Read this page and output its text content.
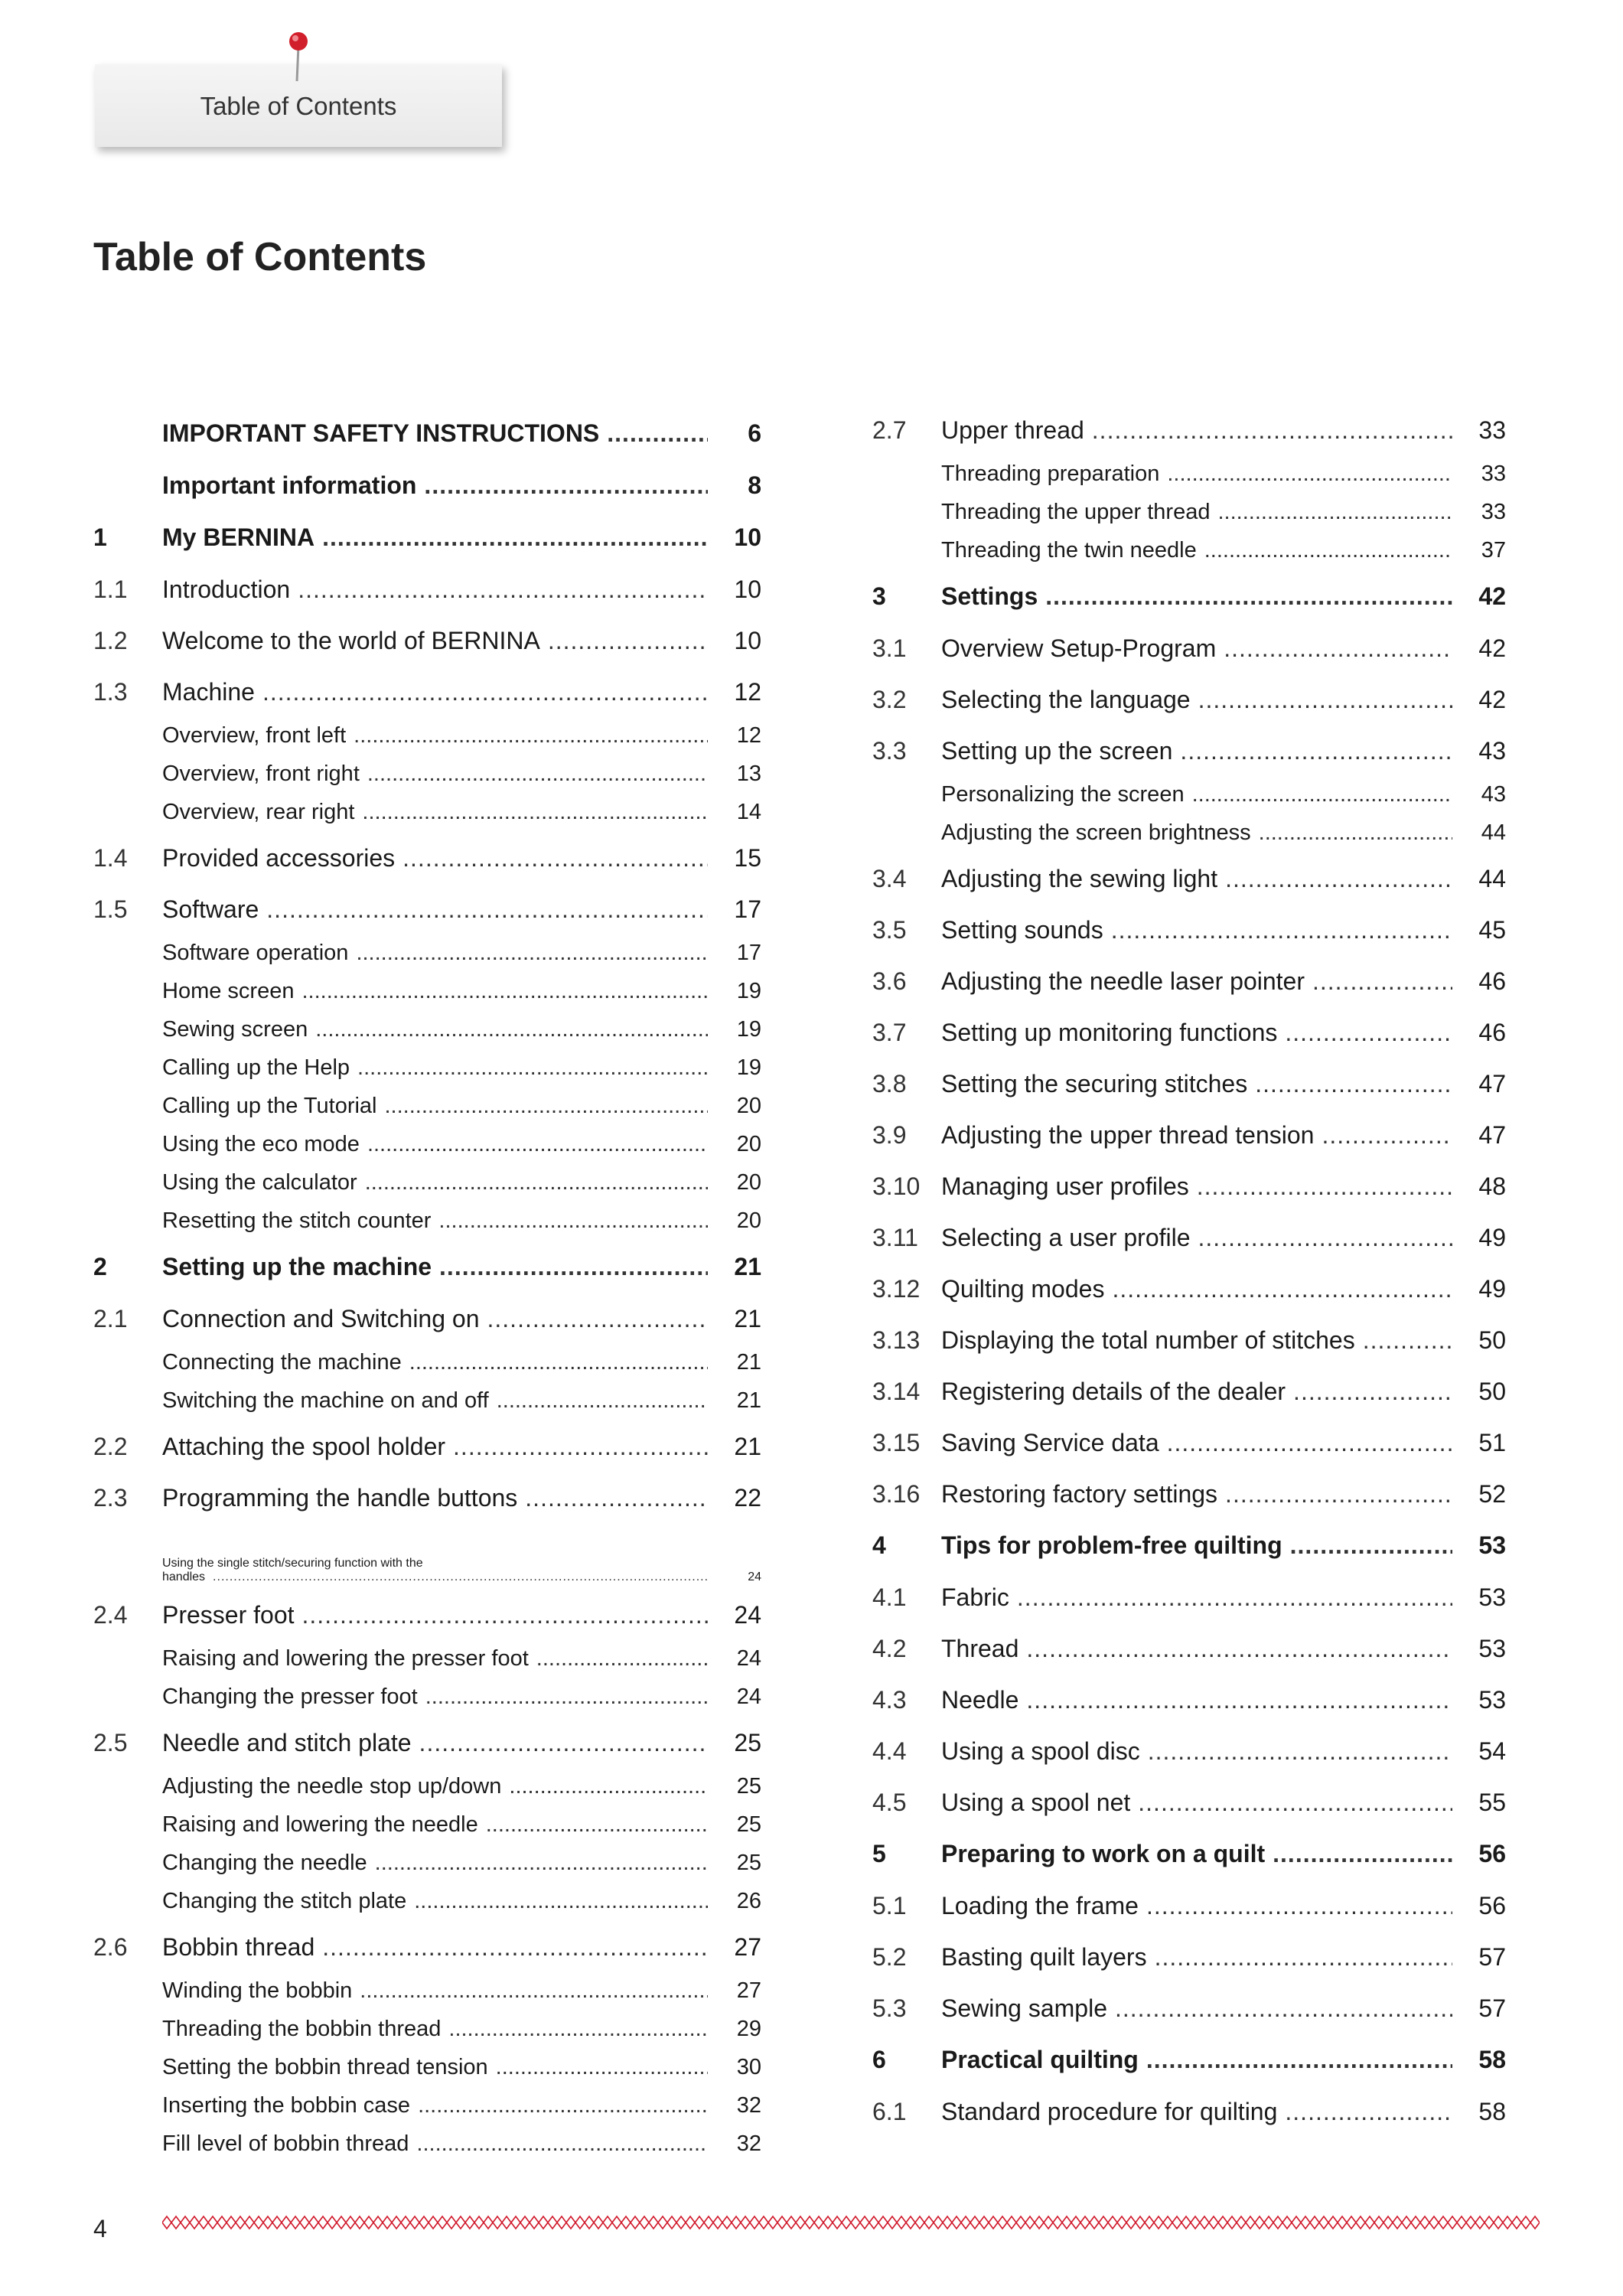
Table of Contents
Table of Contents
IMPORTANT SAFETY INSTRUCTIONS .....	6
Important information .....	8
1	My BERNINA .....	10
1.1	Introduction .....	10
1.2	Welcome to the world of BERNINA .....	10
1.3	Machine .....	12
Overview, front left .....	12
Overview, front right .....	13
Overview, rear right .....	14
1.4	Provided accessories .....	15
1.5	Software .....	17
Software operation .....	17
Home screen .....	19
Sewing screen .....	19
Calling up the Help .....	19
Calling up the Tutorial .....	20
Using the eco mode .....	20
Using the calculator .....	20
Resetting the stitch counter .....	20
2	Setting up the machine .....	21
2.1	Connection and Switching on .....	21
Connecting the machine .....	21
Switching the machine on and off .....	21
2.2	Attaching the spool holder .....	21
2.3	Programming the handle buttons .....	22
Using the single stitch/securing function with the
handles .....	24
2.4	Presser foot .....	24
Raising and lowering the presser foot .....	24
Changing the presser foot .....	24
2.5	Needle and stitch plate .....	25
Adjusting the needle stop up/down .....	25
Raising and lowering the needle .....	25
Changing the needle .....	25
Changing the stitch plate .....	26
2.6	Bobbin thread .....	27
Winding the bobbin .....	27
Threading the bobbin thread .....	29
Setting the bobbin thread tension .....	30
Inserting the bobbin case .....	32
Fill level of bobbin thread .....	32
2.7	Upper thread .....	33
Threading preparation .....	33
Threading the upper thread .....	33
Threading the twin needle .....	37
3	Settings .....	42
3.1	Overview Setup-Program .....	42
3.2	Selecting the language .....	42
3.3	Setting up the screen .....	43
Personalizing the screen .....	43
Adjusting the screen brightness .....	44
3.4	Adjusting the sewing light .....	44
3.5	Setting sounds .....	45
3.6	Adjusting the needle laser pointer .....	46
3.7	Setting up monitoring functions .....	46
3.8	Setting the securing stitches .....	47
3.9	Adjusting the upper thread tension .....	47
3.10 Managing user profiles .....	48
3.11 Selecting a user profile .....	49
3.12 Quilting modes .....	49
3.13 Displaying the total number of stitches .....	50
3.14 Registering details of the dealer .....	50
3.15 Saving Service data .....	51
3.16 Restoring factory settings .....	52
4	Tips for problem-free quilting .....	53
4.1	Fabric .....	53
4.2	Thread .....	53
4.3	Needle .....	53
4.4	Using a spool disc .....	54
4.5	Using a spool net .....	55
5	Preparing to work on a quilt .....	56
5.1	Loading the frame .....	56
5.2	Basting quilt layers .....	57
5.3	Sewing sample .....	57
6	Practical quilting .....	58
6.1	Standard procedure for quilting .....	58
4
